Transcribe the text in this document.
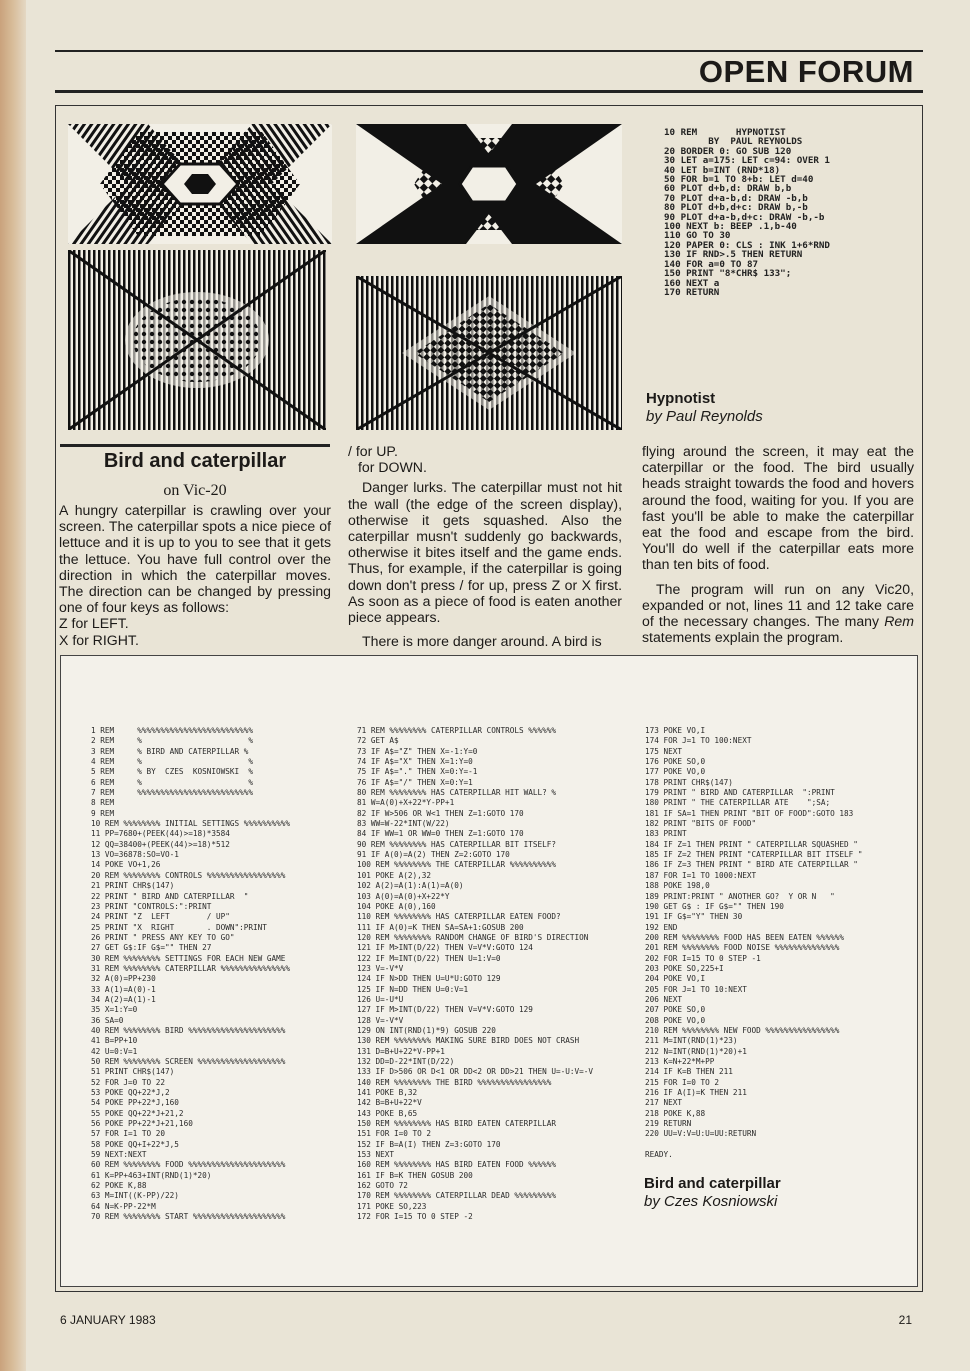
OPEN FORUM
10 REM       HYPNOTIST
BY  PAUL REYNOLDS
20 BORDER 0: GO SUB 120
30 LET a=175: LET c=94: OVER 1
40 LET b=INT (RND*18)
50 FOR b=1 TO 8+b: LET d=40
60 PLOT d+b,d: DRAW b,b
70 PLOT d+a-b,d: DRAW -b,b
80 PLOT d+b,d+c: DRAW b,-b
90 PLOT d+a-b,d+c: DRAW -b,-b
100 NEXT b: BEEP .1,b-40
110 GO TO 30
120 PAPER 0: CLS : INK 1+6*RND
130 IF RND>.5 THEN RETURN
140 FOR a=0 TO 87
150 PRINT "8*CHR$ 133";
160 NEXT a
170 RETURN
Hypnotist
by Paul Reynolds
Bird and caterpillar
on Vic-20

A hungry caterpillar is crawling over your screen. The caterpillar spots a nice piece of lettuce and it is up to you to see that it gets the lettuce. You have full control over the direction in which the caterpillar moves. The direction can be changed by pressing one of four keys as follows:

Z for LEFT.
X for RIGHT.
/ for UP.
for DOWN.

Danger lurks. The caterpillar must not hit the wall (the edge of the screen display), otherwise it gets squashed. Also the caterpillar musn't suddenly go backwards, otherwise it bites itself and the game ends. Thus, for example, if the caterpillar is going down don't press / for up, press Z or X first. As soon as a piece of food is eaten another piece appears.

There is more danger around. A bird is

flying around the screen, it may eat the caterpillar or the food. The bird usually heads straight towards the food and hovers around the food, waiting for you. If you are fast you'll be able to make the caterpillar eat the food and escape from the bird. You'll do well if the caterpillar eats more than ten bits of food.

The program will run on any Vic20, expanded or not, lines 11 and 12 take care of the necessary changes. The many Rem statements explain the program.

1 REM     %%%%%%%%%%%%%%%%%%%%%%%%%
2 REM     %                       %
3 REM     % BIRD AND CATERPILLAR %
4 REM     %                       %
5 REM     % BY  CZES  KOSNIOWSKI  %
6 REM     %                       %
7 REM     %%%%%%%%%%%%%%%%%%%%%%%%%
8 REM
9 REM
10 REM %%%%%%%% INITIAL SETTINGS %%%%%%%%%%
11 PP=7680+(PEEK(44)>=18)*3584
12 QQ=38400+(PEEK(44)>=18)*512
13 VO=36878:SO=VO-1
14 POKE VO+1,26
20 REM %%%%%%%% CONTROLS %%%%%%%%%%%%%%%%%
21 PRINT CHR$(147)
22 PRINT " BIRD AND CATERPILLAR  "
23 PRINT "CONTROLS:":PRINT
24 PRINT "Z  LEFT        / UP"
25 PRINT "X  RIGHT       . DOWN":PRINT
26 PRINT " PRESS ANY KEY TO GO"
27 GET G$:IF G$="" THEN 27
30 REM %%%%%%%% SETTINGS FOR EACH NEW GAME
31 REM %%%%%%%% CATERPILLAR %%%%%%%%%%%%%%%
32 A(0)=PP+230
33 A(1)=A(0)-1
34 A(2)=A(1)-1
35 X=1:Y=0
36 SA=0
40 REM %%%%%%%% BIRD %%%%%%%%%%%%%%%%%%%%%
41 B=PP+10
42 U=0:V=1
50 REM %%%%%%%% SCREEN %%%%%%%%%%%%%%%%%%%
51 PRINT CHR$(147)
52 FOR J=0 TO 22
53 POKE QQ+22*J,2
54 POKE PP+22*J,160
55 POKE QQ+22*J+21,2
56 POKE PP+22*J+21,160
57 FOR I=1 TO 20
58 POKE QQ+I+22*J,5
59 NEXT:NEXT
60 REM %%%%%%%% FOOD %%%%%%%%%%%%%%%%%%%%%
61 K=PP+463+INT(RND(1)*20)
62 POKE K,88
63 M=INT((K-PP)/22)
64 N=K-PP-22*M
70 REM %%%%%%%% START %%%%%%%%%%%%%%%%%%%%
71 REM %%%%%%%% CATERPILLAR CONTROLS %%%%%%
72 GET A$
73 IF A$="Z" THEN X=-1:Y=0
74 IF A$="X" THEN X=1:Y=0
75 IF A$="." THEN X=0:Y=-1
76 IF A$="/" THEN X=0:Y=1
80 REM %%%%%%%% HAS CATERPILLAR HIT WALL? %
81 W=A(0)+X+22*Y-PP+1
82 IF W>506 OR W<1 THEN Z=1:GOTO 170
83 WW=W-22*INT(W/22)
84 IF WW=1 OR WW=0 THEN Z=1:GOTO 170
90 REM %%%%%%%% HAS CATERPILLAR BIT ITSELF?
91 IF A(0)=A(2) THEN Z=2:GOTO 170
100 REM %%%%%%%% THE CATERPILLAR %%%%%%%%%%
101 POKE A(2),32
102 A(2)=A(1):A(1)=A(0)
103 A(0)=A(0)+X+22*Y
104 POKE A(0),160
110 REM %%%%%%%% HAS CATERPILLAR EATEN FOOD?
111 IF A(0)=K THEN SA=SA+1:GOSUB 200
120 REM %%%%%%%% RANDOM CHANGE OF BIRD'S DIRECTION
121 IF M>INT(D/22) THEN V=V*V:GOTO 124
122 IF M=INT(D/22) THEN U=1:V=0
123 V=-V*V
124 IF N>DD THEN U=U*U:GOTO 129
125 IF N=DD THEN U=0:V=1
126 U=-U*U
127 IF M>INT(D/22) THEN V=V*V:GOTO 129
128 V=-V*V
129 ON INT(RND(1)*9) GOSUB 220
130 REM %%%%%%%% MAKING SURE BIRD DOES NOT CRASH
131 D=B+U+22*V-PP+1
132 DD=D-22*INT(D/22)
133 IF D>506 OR D<1 OR DD<2 OR DD>21 THEN U=-U:V=-V
140 REM %%%%%%%% THE BIRD %%%%%%%%%%%%%%%%
141 POKE B,32
142 B=B+U+22*V
143 POKE B,65
150 REM %%%%%%%% HAS BIRD EATEN CATERPILLAR
151 FOR I=0 TO 2
152 IF B=A(I) THEN Z=3:GOTO 170
153 NEXT
160 REM %%%%%%%% HAS BIRD EATEN FOOD %%%%%%
161 IF B=K THEN GOSUB 200
162 GOTO 72
170 REM %%%%%%%% CATERPILLAR DEAD %%%%%%%%%
171 POKE SO,223
172 FOR I=15 TO 0 STEP -2
173 POKE VO,I
174 FOR J=1 TO 100:NEXT
175 NEXT
176 POKE SO,0
177 POKE VO,0
178 PRINT CHR$(147)
179 PRINT " BIRD AND CATERPILLAR  ":PRINT
180 PRINT " THE CATERPILLAR ATE    ";SA;
181 IF SA=1 THEN PRINT "BIT OF FOOD":GOTO 183
182 PRINT "BITS OF FOOD"
183 PRINT
184 IF Z=1 THEN PRINT " CATERPILLAR SQUASHED "
185 IF Z=2 THEN PRINT "CATERPILLAR BIT ITSELF "
186 IF Z=3 THEN PRINT " BIRD ATE CATERPILLAR "
187 FOR I=1 TO 1000:NEXT
188 POKE 198,0
189 PRINT:PRINT " ANOTHER GO?  Y OR N   "
190 GET G$ : IF G$="" THEN 190
191 IF G$="Y" THEN 30
192 END
200 REM %%%%%%%% FOOD HAS BEEN EATEN %%%%%%
201 REM %%%%%%%% FOOD NOISE %%%%%%%%%%%%%%
202 FOR I=15 TO 0 STEP -1
203 POKE SO,225+I
204 POKE VO,I
205 FOR J=1 TO 10:NEXT
206 NEXT
207 POKE SO,0
208 POKE VO,0
210 REM %%%%%%%% NEW FOOD %%%%%%%%%%%%%%%%
211 M=INT(RND(1)*23)
212 N=INT(RND(1)*20)+1
213 K=N+22*M+PP
214 IF K=B THEN 211
215 FOR I=0 TO 2
216 IF A(I)=K THEN 211
217 NEXT
218 POKE K,88
219 RETURN
220 UU=V:V=U:U=UU:RETURN

READY.
Bird and caterpillar
by Czes Kosniowski
6 JANUARY 1983	21
